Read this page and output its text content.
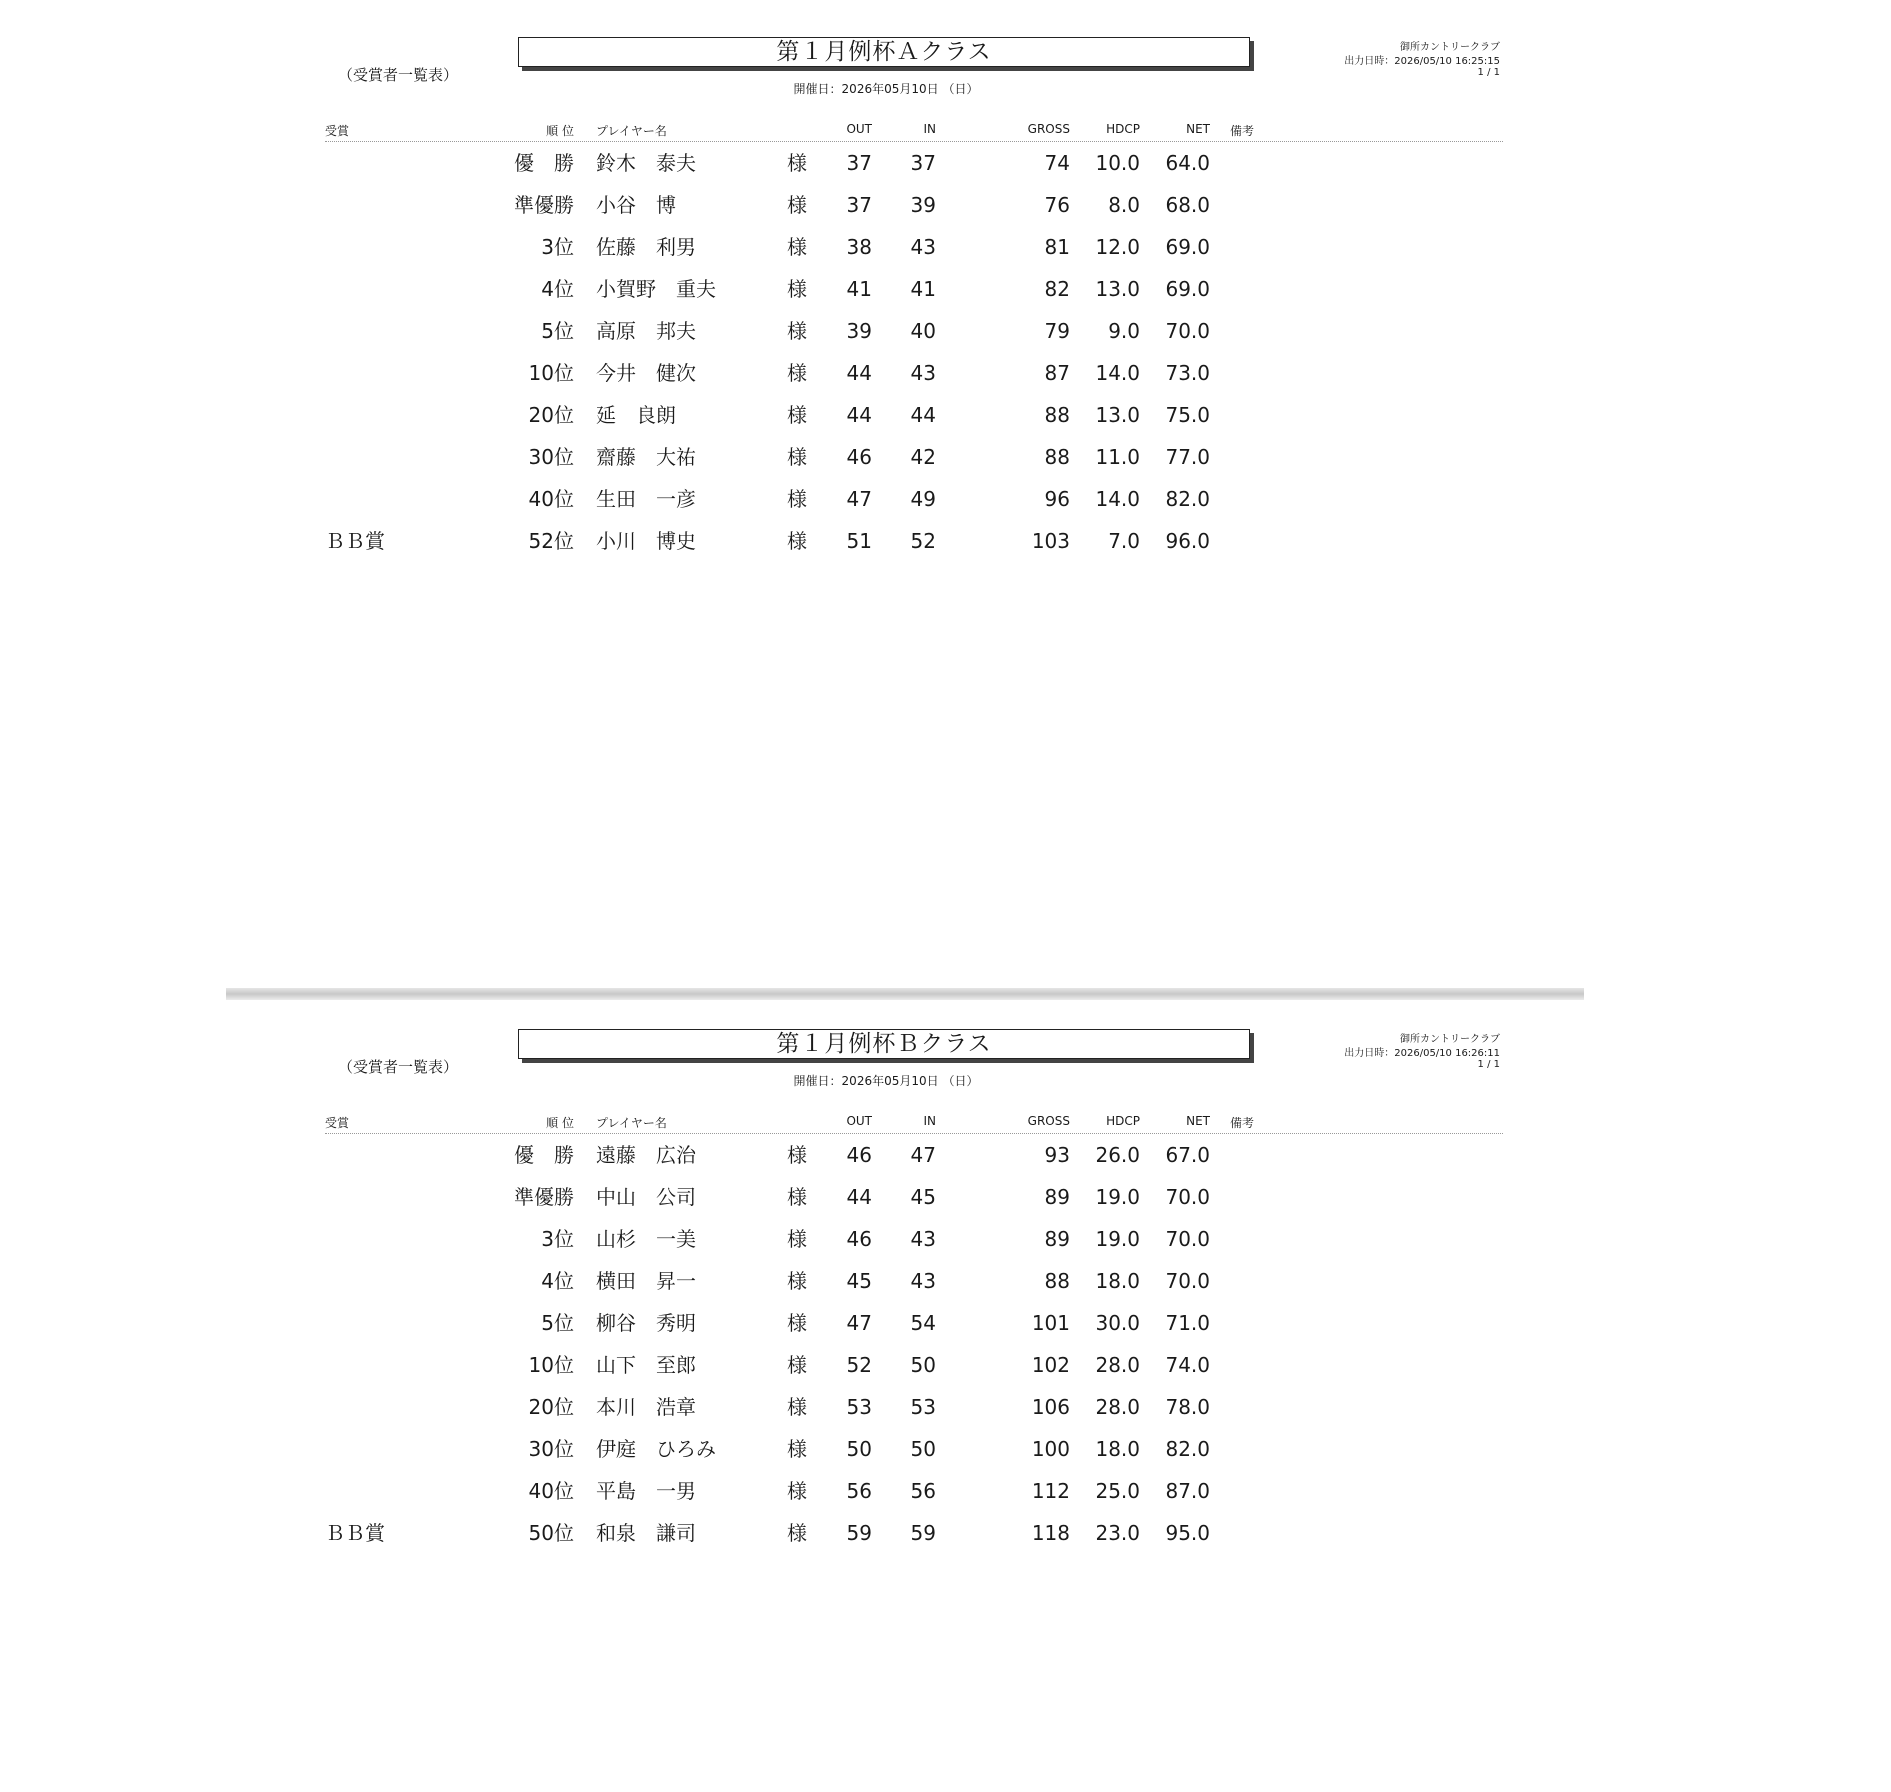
第１月例杯Ａクラス
（受賞者一覧表）
開催日：2026年05月10日 （日）
御所カントリークラブ
出力日時：2026/05/10 16:25:15
1 / 1
受賞	順 位 プレイヤー名	OUT	IN	GROSS	HDCP	NET 備考
優　勝 鈴木　泰夫	様	37	37	74	10.0	64.0
準優勝 小谷　博	様	37	39	76	8.0	68.0
3位 佐藤　利男	様	38	43	81	12.0	69.0
4位 小賀野　重夫	様	41	41	82	13.0	69.0
5位 高原　邦夫	様	39	40	79	9.0	70.0
10位 今井　健次	様	44	43	87	14.0	73.0
20位 延　良朗	様	44	44	88	13.0	75.0
30位 齋藤　大祐	様	46	42	88	11.0	77.0
40位 生田　一彦	様	47	49	96	14.0	82.0
ＢＢ賞	52位 小川　博史	様	51	52	103	7.0	96.0
第１月例杯Ｂクラス
（受賞者一覧表）
開催日：2026年05月10日 （日）
御所カントリークラブ
出力日時：2026/05/10 16:26:11
1 / 1
受賞	順 位 プレイヤー名	OUT	IN	GROSS	HDCP	NET 備考
優　勝 遠藤　広治	様	46	47	93	26.0	67.0
準優勝 中山　公司	様	44	45	89	19.0	70.0
3位 山杉　一美	様	46	43	89	19.0	70.0
4位 横田　昇一	様	45	43	88	18.0	70.0
5位 柳谷　秀明	様	47	54	101	30.0	71.0
10位 山下　至郎	様	52	50	102	28.0	74.0
20位 本川　浩章	様	53	53	106	28.0	78.0
30位 伊庭　ひろみ	様	50	50	100	18.0	82.0
40位 平島　一男	様	56	56	112	25.0	87.0
ＢＢ賞	50位 和泉　謙司	様	59	59	118	23.0	95.0
